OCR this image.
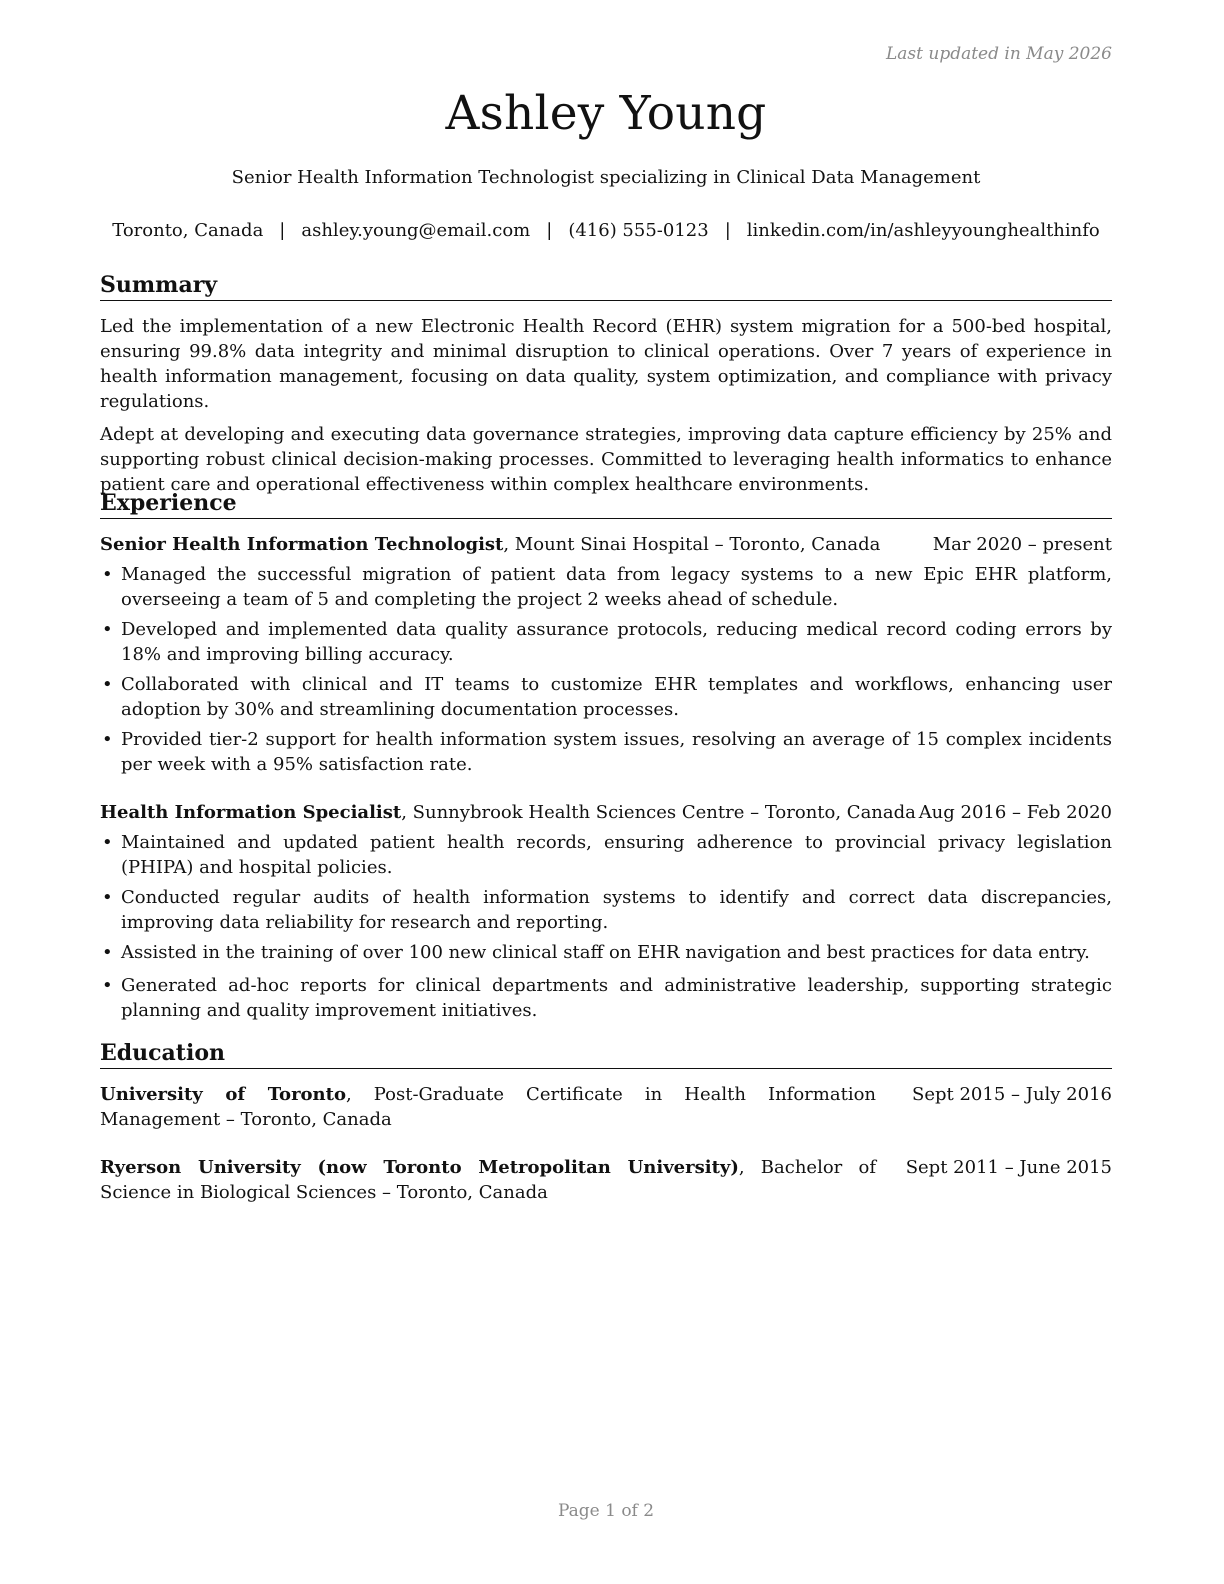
Last updated in May 2026
Ashley Young
Senior Health Information Technologist specializing in Clinical Data Management
Toronto, Canada | ashley.young@email.com | (416) 555-0123 | linkedin.com/in/ashleyyounghealthinfo
Summary

Led the implementation of a new Electronic Health Record (EHR) system migration for a 500-bed hospital, ensuring 99.8% data integrity and minimal disruption to clinical operations. Over 7 years of experience in health information management, focusing on data quality, system optimization, and compliance with privacy regulations.

Adept at developing and executing data governance strategies, improving data capture efficiency by 25% and supporting robust clinical decision-making processes. Committed to leveraging health informatics to enhance patient care and operational effectiveness within complex healthcare environments.

Experience
Senior Health Information Technologist, Mount Sinai Hospital – Toronto, Canada	Mar 2020 – present
• Managed the successful migration of patient data from legacy systems to a new Epic EHR platform, overseeing a team of 5 and completing the project 2 weeks ahead of schedule.
• Developed and implemented data quality assurance protocols, reducing medical record coding errors by 18% and improving billing accuracy.
• Collaborated with clinical and IT teams to customize EHR templates and workflows, enhancing user adoption by 30% and streamlining documentation processes.
• Provided tier-2 support for health information system issues, resolving an average of 15 complex incidents per week with a 95% satisfaction rate.
Health Information Specialist, Sunnybrook Health Sciences Centre – Toronto, Canada Aug 2016 – Feb 2020
• Maintained and updated patient health records, ensuring adherence to provincial privacy legislation (PHIPA) and hospital policies.
• Conducted regular audits of health information systems to identify and correct data discrepancies, improving data reliability for research and reporting.
• Assisted in the training of over 100 new clinical staff on EHR navigation and best practices for data entry.
• Generated ad-hoc reports for clinical departments and administrative leadership, supporting strategic planning and quality improvement initiatives.
Education
University of Toronto, Post-Graduate Certificate in Health Information Management – Toronto, Canada
Sept 2015 – July 2016
Ryerson University (now Toronto Metropolitan University), Bachelor of Science in Biological Sciences – Toronto, Canada
Sept 2011 – June 2015
Page 1 of 2
